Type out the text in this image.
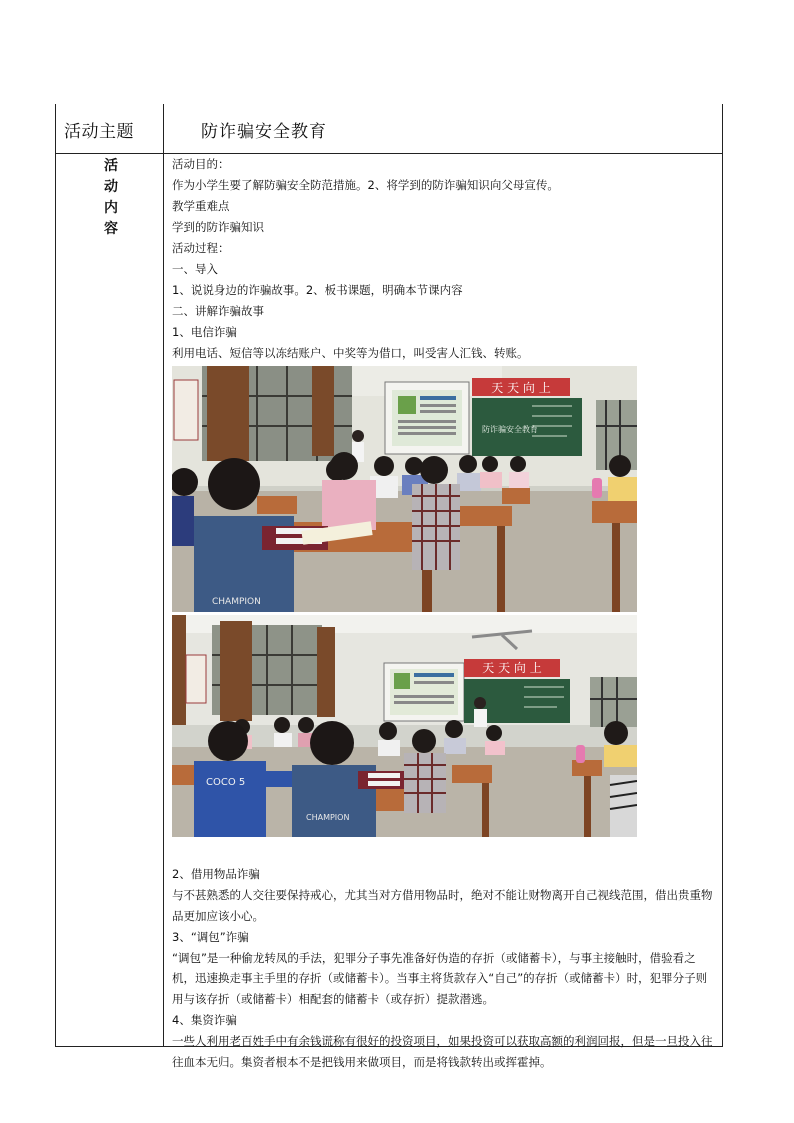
活动主题	防诈骗安全教育
活
动
内
容

活动目的：

作为小学生要了解防骗安全防范措施。2、将学到的防诈骗知识向父母宣传。

教学重难点

学到的防诈骗知识

活动过程：

一、导入

1、说说身边的诈骗故事。2、板书课题，明确本节课内容

二、讲解诈骗故事

1、电信诈骗

利用电话、短信等以冻结账户、中奖等为借口，叫受害人汇钱、转账。

天 天 向 上
防诈骗安全教育
CHAMPION
天 天 向 上
COCO 5
CHAMPION

2、借用物品诈骗

与不甚熟悉的人交往要保持戒心，尤其当对方借用物品时，绝对不能让财物离开自己视线范围，借出贵重物品更加应该小心。

3、“调包”诈骗

“调包”是一种偷龙转凤的手法，犯罪分子事先准备好伪造的存折（或储蓄卡），与事主接触时，借验看之机，迅速换走事主手里的存折（或储蓄卡）。当事主将货款存入“自己”的存折（或储蓄卡）时，犯罪分子则用与该存折（或储蓄卡）相配套的储蓄卡（或存折）提款潜逃。

4、集资诈骗

一些人利用老百姓手中有余钱谎称有很好的投资项目，如果投资可以获取高额的利润回报，但是一旦投入往往血本无归。集资者根本不是把钱用来做项目，而是将钱款转出或挥霍掉。
